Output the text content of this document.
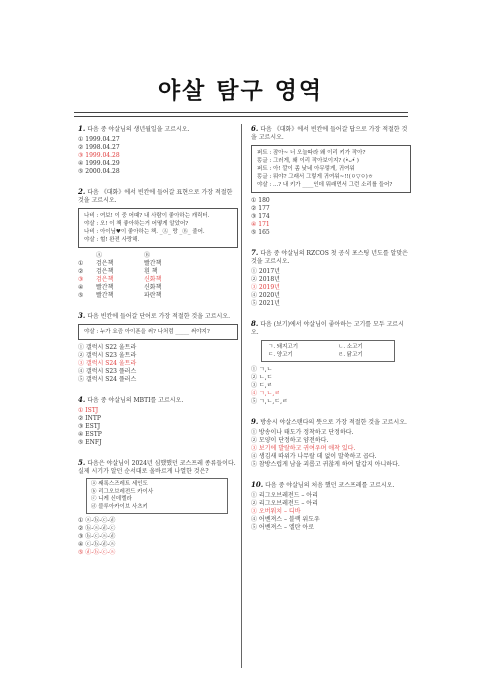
야살 탐구 영역
1. 다음 중 야살님의 생년월일을 고르시오.
① 1999.04.27
② 1998.04.27
③ 1999.04.28
④ 1999.04.29
⑤ 2000.04.28
2. 다음 《대화》에서 빈칸에 들어갈 표현으로 가장 적절한 것을 고르시오.
나비 : 여보! 이 중 어때? 내 사람이 좋아하는 캐릭터.
야살 : 오! 이 책 좋아하는거 어떻게 알았어?
나비 : 아이님♥이 좋아하는 책. _Ⓐ_ 랑 _Ⓑ_ 줄어.
야살 : 헐! 완전 사랑해.
Ⓐ	Ⓑ
①	검은책	빨간책
②	검은책	흰 책
③	검은책	신화책
④	빨간책	신화책
⑤	빨간책	파란책
3. 다음 빈칸에 들어갈 단어로 가장 적절한 것을 고르시오.
야살 : 누가 요즘 아이폰을 써? 나처럼 _____ 써야지?
① 갤럭시 S22 울트라
② 갤럭시 S23 울트라
③ 갤럭시 S24 울트라
④ 갤럭시 S23 플러스
⑤ 갤럭시 S24 플러스
4. 다음 중 야살님의 MBTI를 고르시오.
① ISTJ
② INTP
③ ESTJ
④ ESTP
⑤ ENFJ
5. 다음은 야살님이 2024년 심했했던 코스프레 종류들이다. 실제 시기가 알던 순서대로 올바르게 나열한 것은?
ⓐ 쌔록스즈레트 세인도
ⓑ 리그오브레전드 카이사
ⓒ 니케 신데렐라
ⓓ 블루아카이브 사츠키
① ⓐ-ⓑ-ⓒ-ⓓ
② ⓑ-ⓐ-ⓓ-ⓒ
③ ⓑ-ⓒ-ⓐ-ⓓ
④ ⓒ-ⓑ-ⓓ-ⓐ
⑤ ⓓ-ⓑ-ⓒ-ⓐ
6. 다음 《대화》에서 빈칸에 들어갈 답으로 가장 적절한 것을 고르시오.
퍼트 : 잠아~ 너 오늘따라 왜 이리 키가 작아?
똥글 : 그러게, 왜 이리 작아보이지? (•̀ᴗ•́ )
퍼트 : 아! 깔이 좀 낮네 아무렇게, 귀여워
똥글 : 뭐야? 그래서 그렇게 귀여워~!!(ㅇ▽ㅇ)ㅎ
야살 : ...? 내 키가 ____인데 뭐래먼서 그런 소리를 들어?
① 180
② 177
③ 174
④ 171
⑤ 165
7. 다음 중 야살님의 RZCOS 첫 공식 포스팅 년도를 알맞은 것을 고르시오.
① 2017년
② 2018년
③ 2019년
④ 2020년
⑤ 2021년
8. 다음 (보기)에서 야살님이 좋아하는 고기를 모두 고르시오.
ㄱ. 돼지고기	ㄴ. 소고기
ㄷ. 양고기	ㄹ. 닭고기
① ㄱ,ㄴ
② ㄴ,ㄷ
③ ㄷ,ㄹ
④ ㄱ,ㄴ,ㄹ
⑤ ㄱ,ㄴ,ㄷ,ㄹ
9. 방송시 야살스탠다의 뜻으로 가장 적절한 것을 고르시오.
① 방송이나 태도가 정착하고 단정하다.
② 모양이 단정하고 얌전하다.
③ 보기에 발랄하고 귀여우며 애착 있다.
④ 생김새 따위가 나무랄 데 없이 말쑥하고 곱다.
⑤ 참방스럽게 남을 괴롭고 귀찮게 하여 달갑지 아니하다.
10. 다음 중 야살님의 처음 했던 코스프레를 고르시오.
① 리그오브레전드 – 아리
② 리그오브레전드 – 아리
③ 오버워치 – 디바
④ 어벤져스 – 블랙 위도우
⑤ 어벤져스 – 엘탄 아로
